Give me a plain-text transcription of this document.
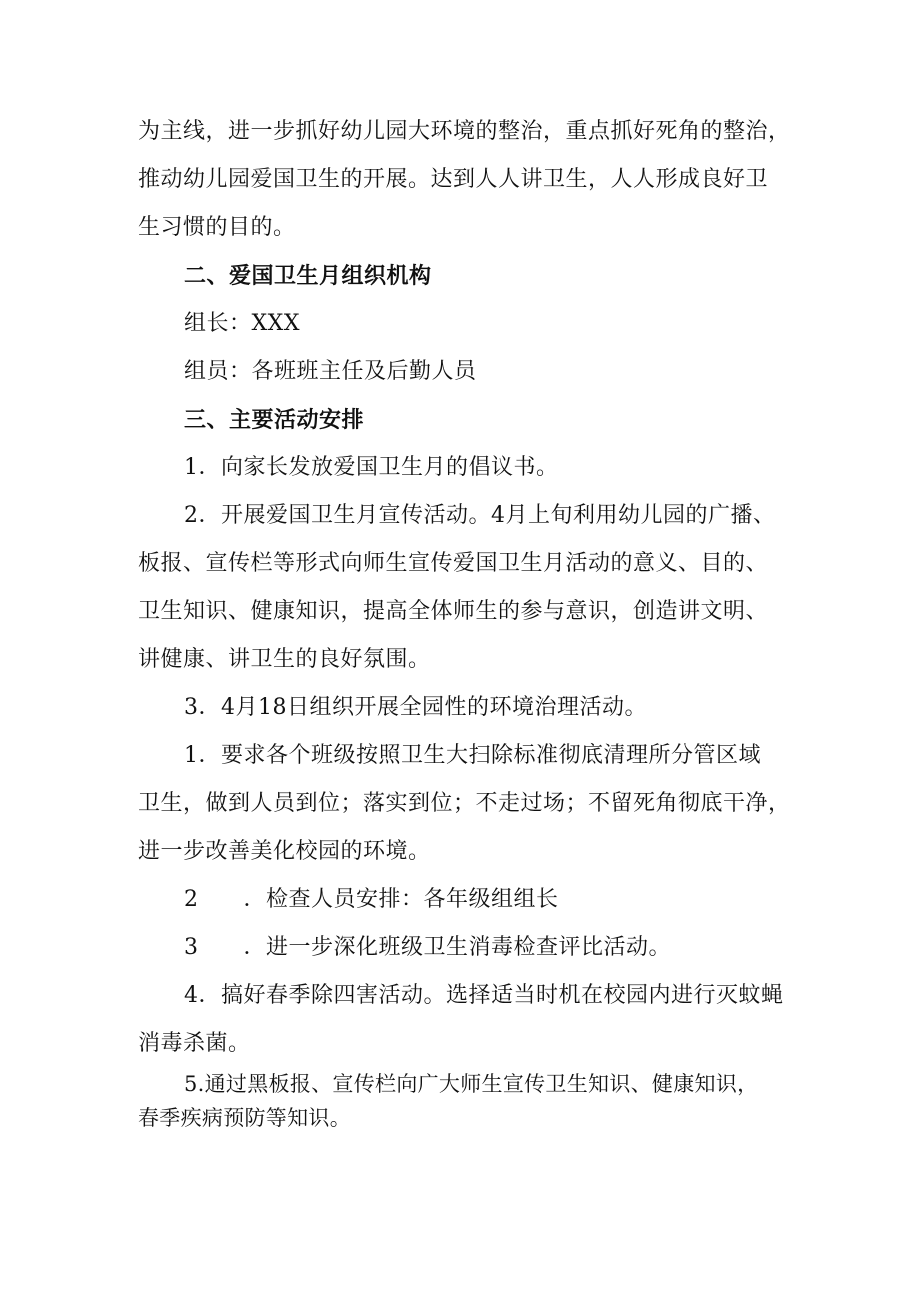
为主线，进一步抓好幼儿园大环境的整治，重点抓好死角的整治，
推动幼儿园爱国卫生的开展。达到人人讲卫生，人人形成良好卫
生习惯的目的。
二、爱国卫生月组织机构
组长：XXX
组员：各班班主任及后勤人员
三、主要活动安排
1．向家长发放爱国卫生月的倡议书。
2．开展爱国卫生月宣传活动。4月上旬利用幼儿园的广播、
板报、宣传栏等形式向师生宣传爱国卫生月活动的意义、目的、
卫生知识、健康知识，提高全体师生的参与意识，创造讲文明、
讲健康、讲卫生的良好氛围。
3．4月18日组织开展全园性的环境治理活动。
1．要求各个班级按照卫生大扫除标准彻底清理所分管区域
卫生，做到人员到位；落实到位；不走过场；不留死角彻底干净，
进一步改善美化校园的环境。
2　　．检查人员安排：各年级组组长
3　　．进一步深化班级卫生消毒检查评比活动。
4．搞好春季除四害活动。选择适当时机在校园内进行灭蚊蝇
消毒杀菌。
5.通过黑板报、宣传栏向广大师生宣传卫生知识、健康知识，
春季疾病预防等知识。
